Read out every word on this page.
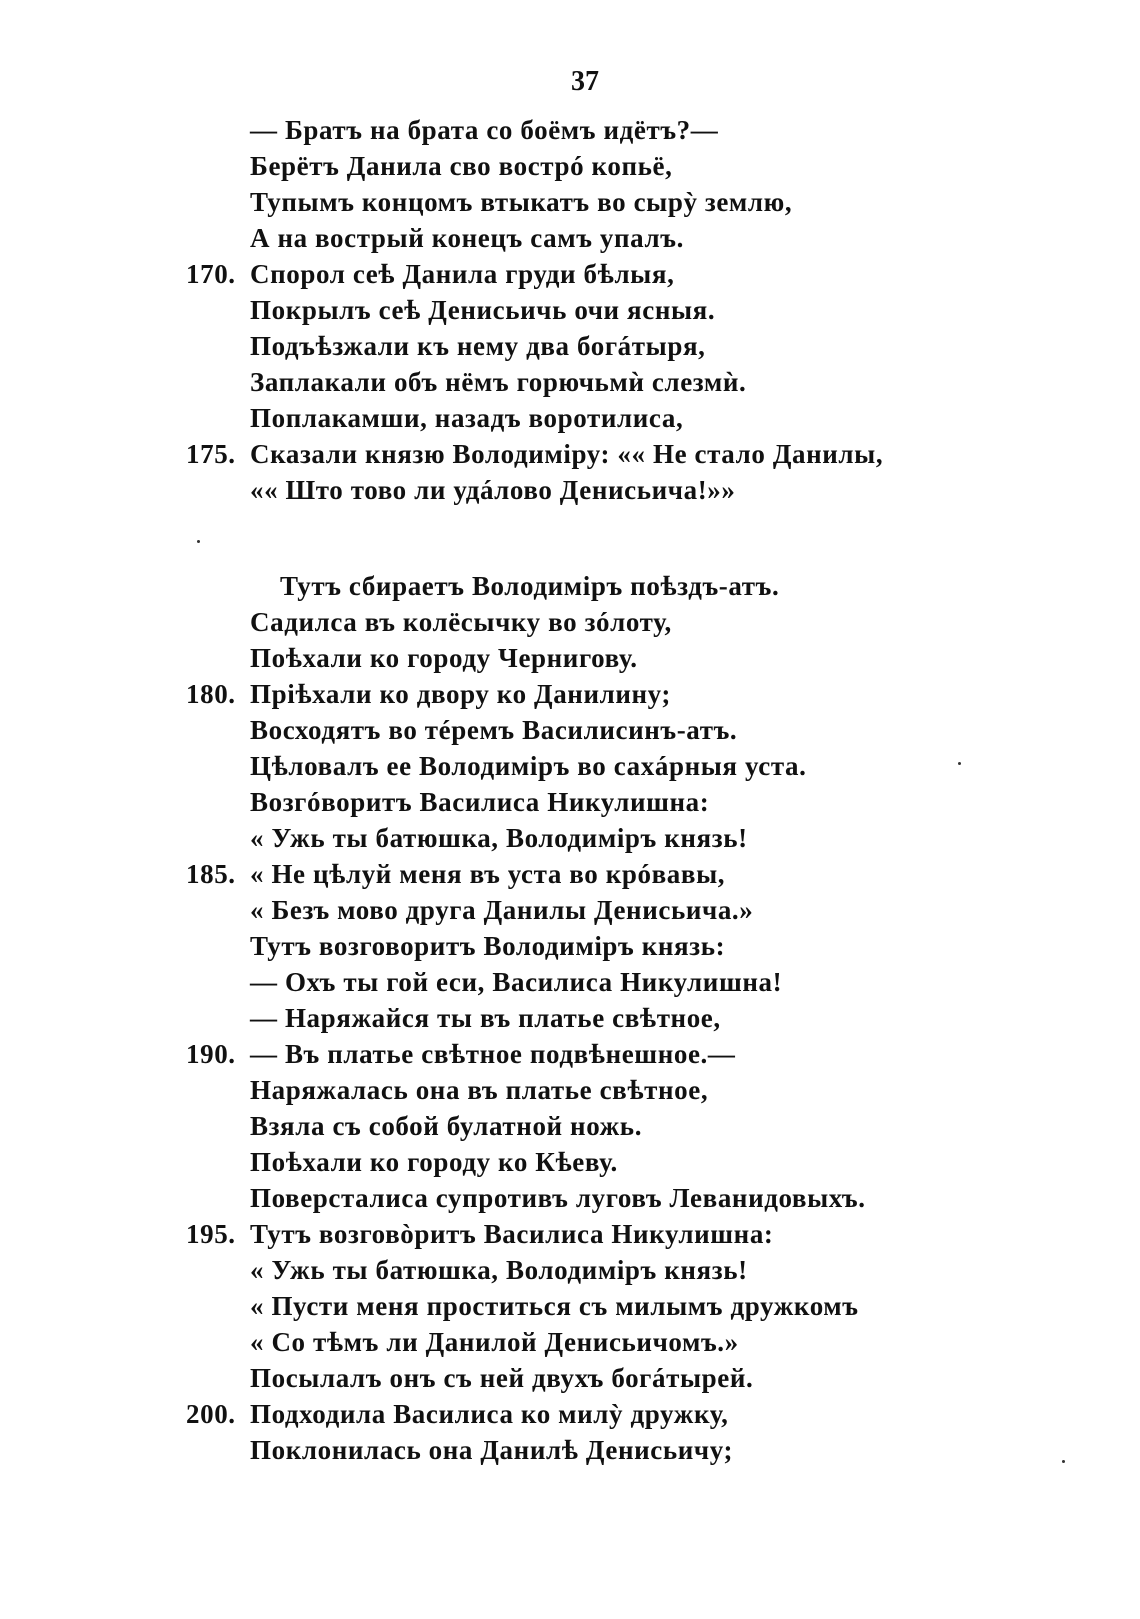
37
— Братъ на брата со боёмъ идётъ?—
Берётъ Данила сво вострó копьё,
Тупымъ концомъ втыкатъ во сырỳ землю,
А на вострый конецъ самъ упалъ.
170. Спорол сеѣ Данила груди бѣлыя,
Покрылъ сеѣ Денисьичь очи ясныя.
Подъѣзжали къ нему два богáтыря,
Заплакали объ нёмъ горючьмѝ слезмѝ.
Поплакамши, назадъ воротилиса,
175. Сказали князю Володимiру: «« Не стало Данилы,
«« Што тово ли удáлово Денисьича!»»
Тутъ сбираетъ Володимiръ поѣздъ-атъ.
Садилса въ колёсычку во зóлоту,
Поѣхали ко городу Чернигову.
180. Прiѣхали ко двору ко Данилину;
Восходятъ во тéремъ Василисинъ-атъ.
Цѣловалъ ее Володимiръ во сахáрныя уста.
Возгóворитъ Василиса Никулишна:
« Ужь ты батюшка, Володимiръ князь!
185. « Не цѣлуй меня въ уста во крóвавы,
« Безъ мово друга Данилы Денисьича.»
Тутъ возговоритъ Володимiръ князь:
— Охъ ты гой еси, Василиса Никулишна!
— Наряжайся ты въ платье свѣтное,
190. — Въ платье свѣтное подвѣнешное.—
Наряжалась она въ платье свѣтное,
Взяла съ собой булатной ножь.
Поѣхали ко городу ко Кѣеву.
Поверсталиса супротивъ луговъ Леванидовыхъ.
195. Тутъ возговòритъ Василиса Никулишна:
« Ужь ты батюшка, Володимiръ князь!
« Пусти меня проститься съ милымъ дружкомъ
« Со тѣмъ ли Данилой Денисьичомъ.»
Посылалъ онъ съ ней двухъ богáтырей.
200. Подходила Василиса ко милỳ дружку,
Поклонилась она Данилѣ Денисьичу;
